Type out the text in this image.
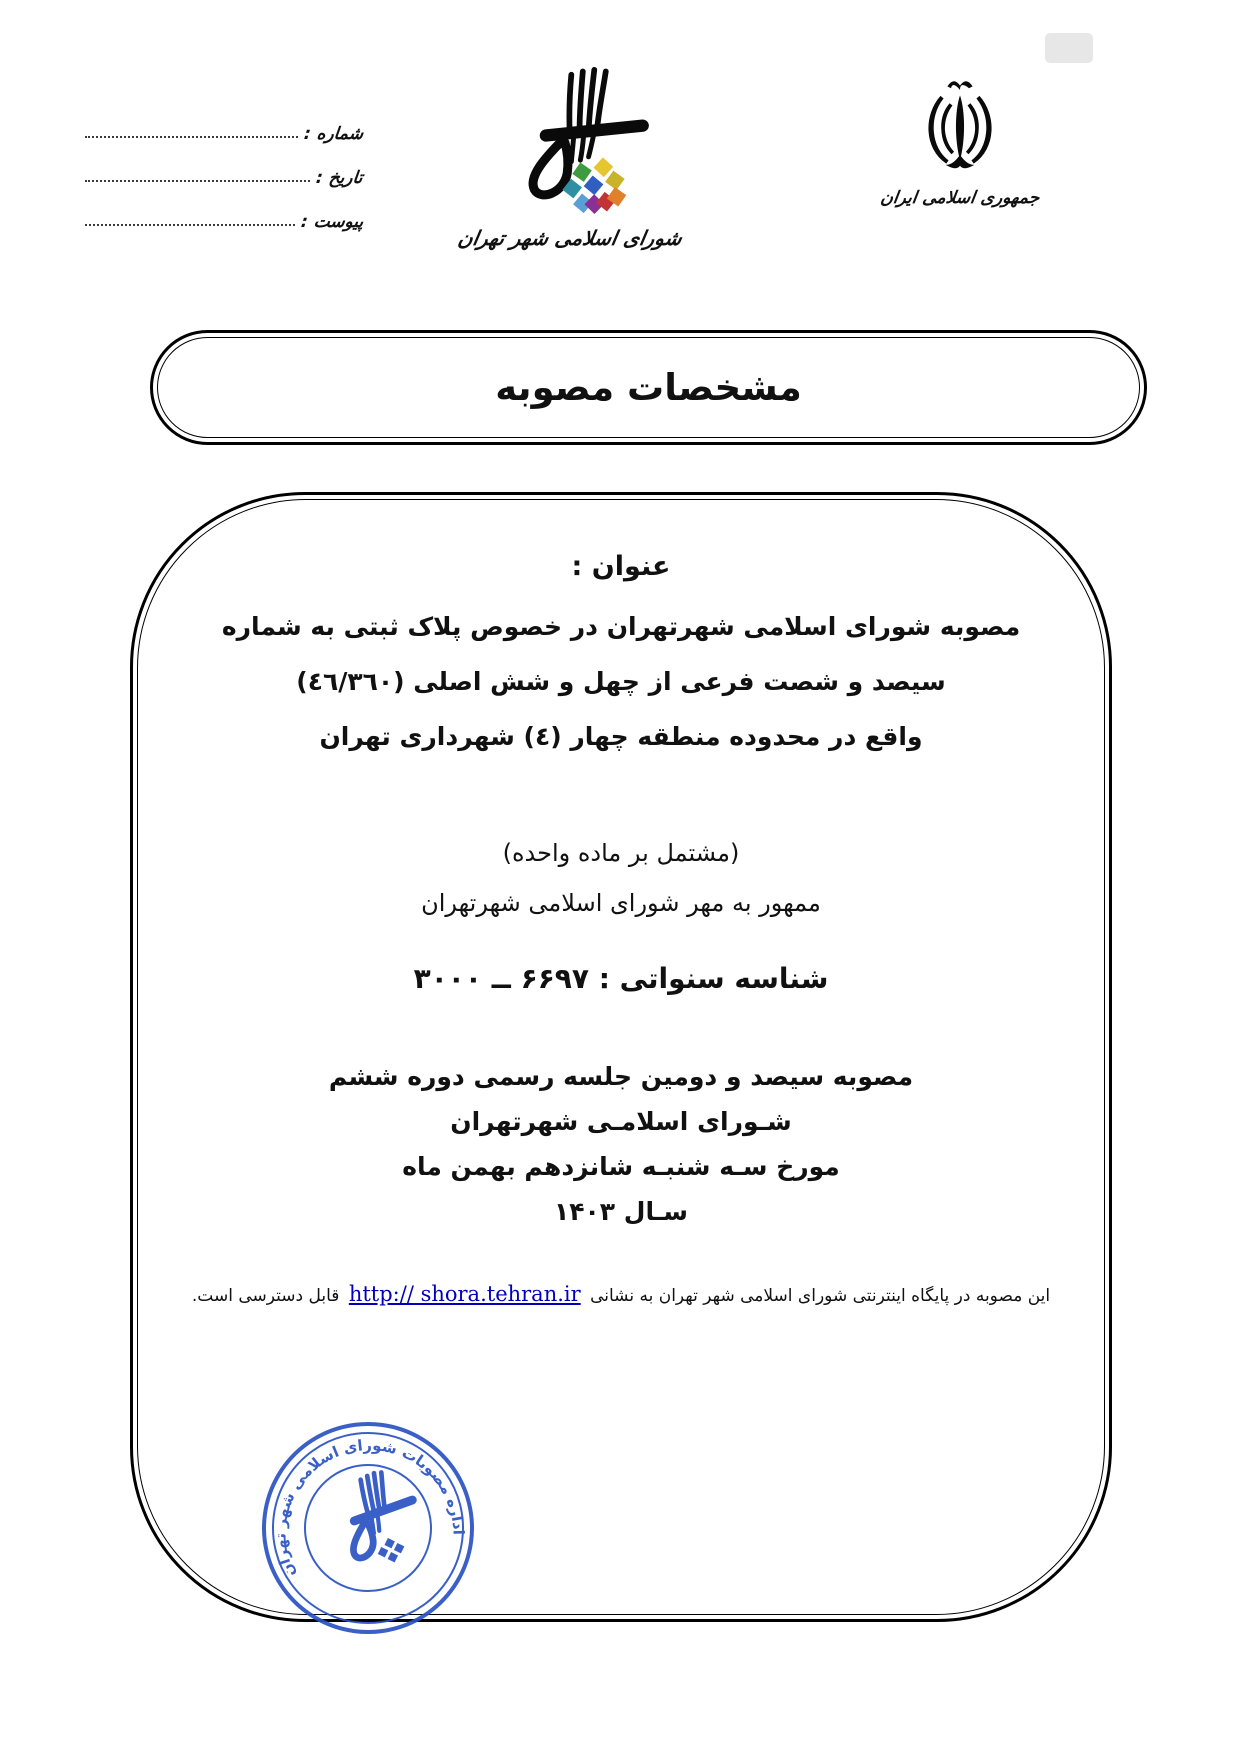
شماره :
تاریخ :
پیوست :
شورای اسلامی شهر تهران
جمهوری اسلامی ایران
مشخصات مصوبه
عنوان :
مصوبه شورای اسلامی شهرتهران در خصوص پلاک ثبتی به شماره
سیصد و شصت فرعی از چهل و شش اصلی (٤٦/٣٦٠)
واقع در محدوده منطقه چهار (٤) شهرداری تهران
(مشتمل بر ماده واحده)
ممهور به مهر شورای اسلامی شهرتهران
شناسه سنواتی : ۶۶۹۷ ــ ۳۰۰۰
مصوبه سیصد و دومین جلسه رسمی دوره ششم
شـورای اسلامـی شهرتهران
مورخ سـه شنبـه شانزدهم بهمن ماه
سـال ۱۴۰۳
این مصوبه در پایگاه اینترنتی شورای اسلامی شهر تهران به نشانی http:// shora.tehran.ir قابل دسترسی است.
اداره مصوبات شورای اسلامی شهر تهران
